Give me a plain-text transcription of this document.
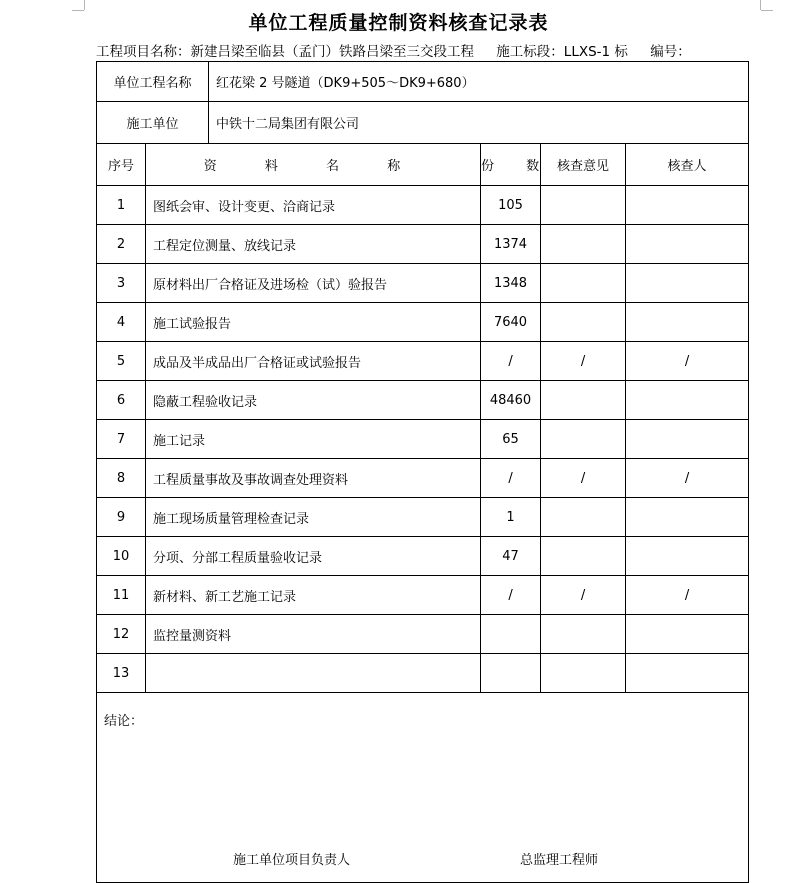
单位工程质量控制资料核查记录表
工程项目名称：新建吕梁至临县（孟门）铁路吕梁至三交段工程 施工标段：LLXS-1 标 编号：
单位工程名称		红花梁 2 号隧道（DK9+505～DK9+680）			
施工单位		中铁十二局集团有限公司			
序号	资 料 名 称		份 数	核查意见	核查人
1	图纸会审、设计变更、洽商记录		105		
2	工程定位测量、放线记录		1374		
3	原材料出厂合格证及进场检（试）验报告		1348		
4	施工试验报告		7640		
5	成品及半成品出厂合格证或试验报告		/	/	/
6	隐蔽工程验收记录		48460		
7	施工记录		65		
8	工程质量事故及事故调查处理资料		/	/	/
9	施工现场质量管理检查记录		1		
10	分项、分部工程质量验收记录		47		
11	新材料、新工艺施工记录		/	/	/
12	监控量测资料				
13					

结论：
施工单位项目负责人 总监理工程师					
